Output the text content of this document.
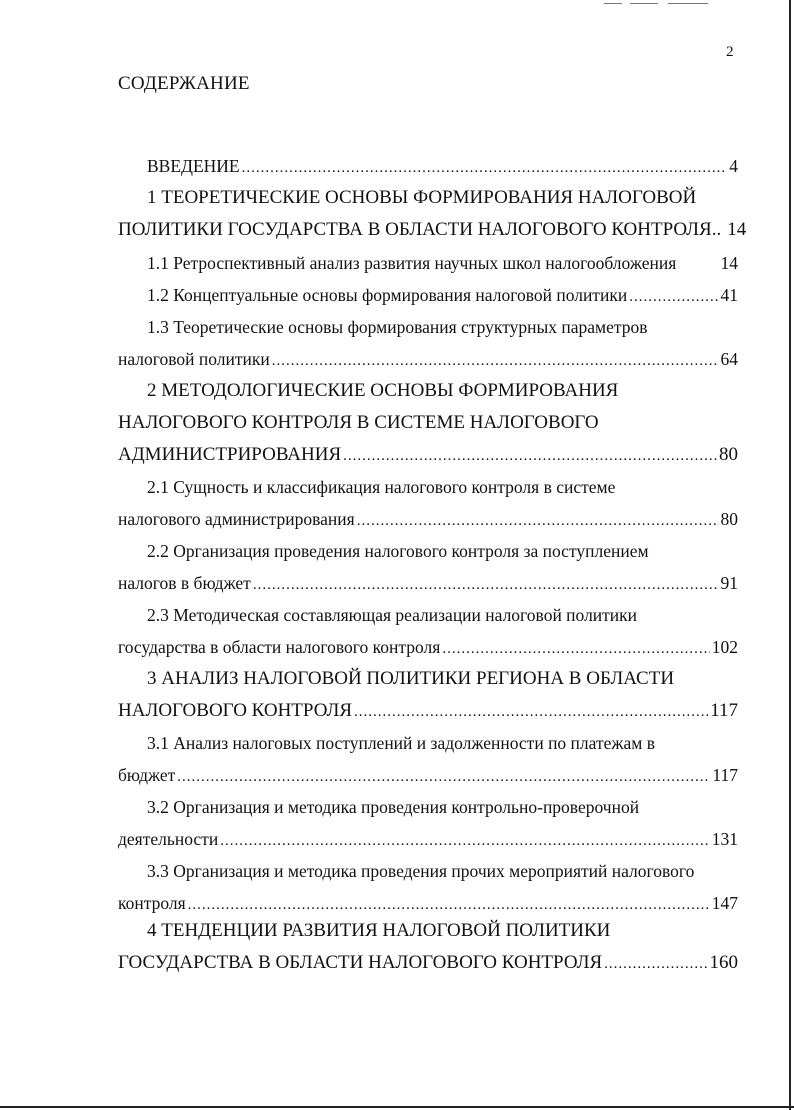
2
СОДЕРЖАНИЕ
ВВЕДЕНИЕ .....	4
1 ТЕОРЕТИЧЕСКИЕ ОСНОВЫ ФОРМИРОВАНИЯ НАЛОГОВОЙ
ПОЛИТИКИ ГОСУДАРСТВА В ОБЛАСТИ НАЛОГОВОГО КОНТРОЛЯ.. 14
1.1 Ретроспективный анализ развития научных школ налогообложения	14
1.2 Концептуальные основы формирования налоговой политики .....	41
1.3 Теоретические основы формирования структурных параметров
налоговой политики .....	64
2 МЕТОДОЛОГИЧЕСКИЕ ОСНОВЫ ФОРМИРОВАНИЯ
НАЛОГОВОГО КОНТРОЛЯ В СИСТЕМЕ НАЛОГОВОГО
АДМИНИСТРИРОВАНИЯ .....	80
2.1 Сущность и классификация налогового контроля в системе
налогового администрирования .....	80
2.2 Организация проведения налогового контроля за поступлением
налогов в бюджет .....	91
2.3 Методическая составляющая реализации налоговой политики
государства в области налогового контроля .....	102
3 АНАЛИЗ НАЛОГОВОЙ ПОЛИТИКИ РЕГИОНА В ОБЛАСТИ
НАЛОГОВОГО КОНТРОЛЯ .....	117
3.1 Анализ налоговых поступлений и задолженности по платежам в
бюджет .....	117
3.2 Организация и методика проведения контрольно-проверочной
деятельности .....	131
3.3 Организация и методика проведения прочих мероприятий налогового
контроля .....	147
4 ТЕНДЕНЦИИ РАЗВИТИЯ НАЛОГОВОЙ ПОЛИТИКИ
ГОСУДАРСТВА В ОБЛАСТИ НАЛОГОВОГО КОНТРОЛЯ .....	160
